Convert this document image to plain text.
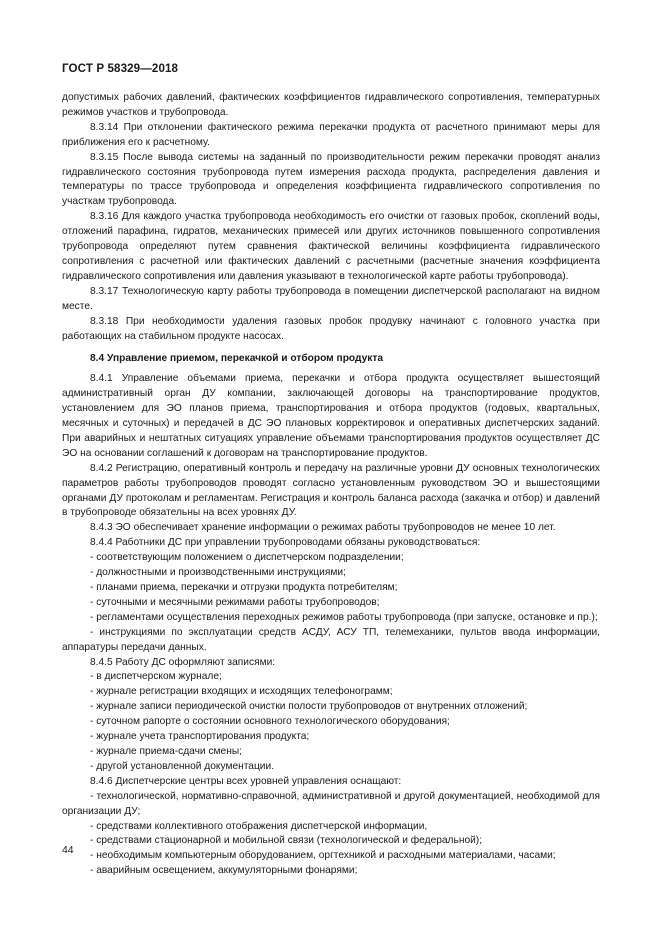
ГОСТ Р 58329—2018

допустимых рабочих давлений, фактических коэффициентов гидравлического сопротивления, температурных режимов участков и трубопровода.

8.3.14 При отклонении фактического режима перекачки продукта от расчетного принимают меры для приближения его к расчетному.

8.3.15 После вывода системы на заданный по производительности режим перекачки проводят анализ гидравлического состояния трубопровода путем измерения расхода продукта, распределения давления и температуры по трассе трубопровода и определения коэффициента гидравлического сопротивления по участкам трубопровода.

8.3.16 Для каждого участка трубопровода необходимость его очистки от газовых пробок, скоплений воды, отложений парафина, гидратов, механических примесей или других источников повышенного сопротивления трубопровода определяют путем сравнения фактической величины коэффициента гидравлического сопротивления с расчетной или фактических давлений с расчетными (расчетные значения коэффициента гидравлического сопротивления или давления указывают в технологической карте работы трубопровода).

8.3.17 Технологическую карту работы трубопровода в помещении диспетчерской располагают на видном месте.

8.3.18 При необходимости удаления газовых пробок продувку начинают с головного участка при работающих на стабильном продукте насосах.

8.4 Управление приемом, перекачкой и отбором продукта

8.4.1 Управление объемами приема, перекачки и отбора продукта осуществляет вышестоящий административный орган ДУ компании, заключающей договоры на транспортирование продуктов, установлением для ЭО планов приема, транспортирования и отбора продуктов (годовых, квартальных, месячных и суточных) и передачей в ДС ЭО плановых корректировок и оперативных диспетчерских заданий. При аварийных и нештатных ситуациях управление объемами транспортирования продуктов осуществляет ДС ЭО на основании соглашений к договорам на транспортирование продуктов.

8.4.2 Регистрацию, оперативный контроль и передачу на различные уровни ДУ основных технологических параметров работы трубопроводов проводят согласно установленным руководством ЭО и вышестоящими органами ДУ протоколам и регламентам. Регистрация и контроль баланса расхода (закачка и отбор) и давлений в трубопроводе обязательны на всех уровнях ДУ.

8.4.3 ЭО обеспечивает хранение информации о режимах работы трубопроводов не менее 10 лет.

8.4.4 Работники ДС при управлении трубопроводами обязаны руководствоваться:

- соответствующим положением о диспетчерском подразделении;

- должностными и производственными инструкциями;

- планами приема, перекачки и отгрузки продукта потребителям;

- суточными и месячными режимами работы трубопроводов;

- регламентами осуществления переходных режимов работы трубопровода (при запуске, остановке и пр.);

- инструкциями по эксплуатации средств АСДУ, АСУ ТП, телемеханики, пультов ввода информации, аппаратуры передачи данных.

8.4.5 Работу ДС оформляют записями:

- в диспетчерском журнале;

- журнале регистрации входящих и исходящих телефонограмм;

- журнале записи периодической очистки полости трубопроводов от внутренних отложений;

- суточном рапорте о состоянии основного технологического оборудования;

- журнале учета транспортирования продукта;

- журнале приема-сдачи смены;

- другой установленной документации.

8.4.6 Диспетчерские центры всех уровней управления оснащают:

- технологической, нормативно-справочной, административной и другой документацией, необходимой для организации ДУ;

- средствами коллективного отображения диспетчерской информации,

- средствами стационарной и мобильной связи (технологической и федеральной);

- необходимым компьютерным оборудованием, оргтехникой и расходными материалами, часами;

- аварийным освещением, аккумуляторными фонарями;

44
